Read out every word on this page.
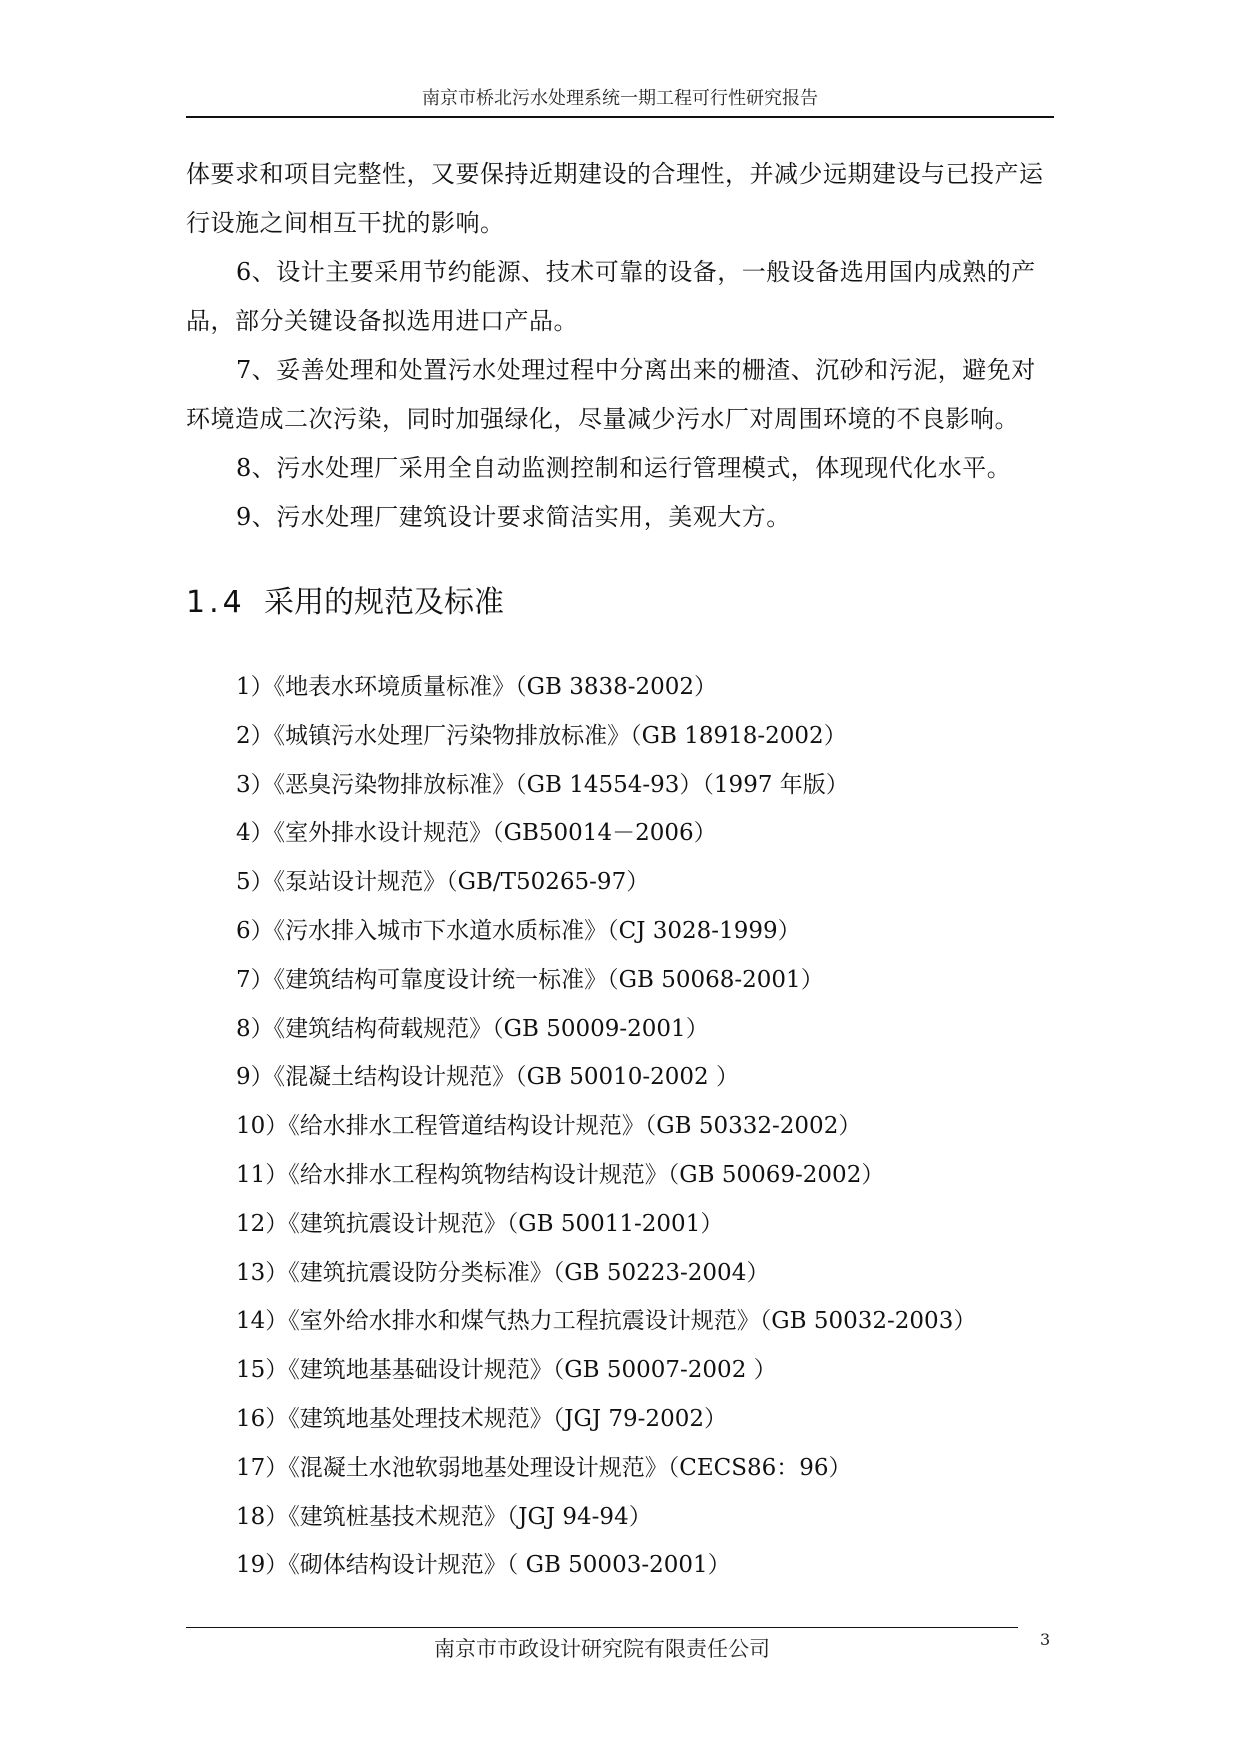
南京市桥北污水处理系统一期工程可行性研究报告

体要求和项目完整性，又要保持近期建设的合理性，并减少远期建设与已投产运行设施之间相互干扰的影响。

6、设计主要采用节约能源、技术可靠的设备，一般设备选用国内成熟的产品，部分关键设备拟选用进口产品。

7、妥善处理和处置污水处理过程中分离出来的栅渣、沉砂和污泥，避免对环境造成二次污染，同时加强绿化，尽量减少污水厂对周围环境的不良影响。

8、污水处理厂采用全自动监测控制和运行管理模式，体现现代化水平。

9、污水处理厂建筑设计要求简洁实用，美观大方。

1.4 采用的规范及标准
1）《地表水环境质量标准》（GB 3838-2002）
2）《城镇污水处理厂污染物排放标准》（GB 18918-2002）
3）《恶臭污染物排放标准》（GB 14554-93）（1997 年版）
4）《室外排水设计规范》（GB50014－2006）
5）《泵站设计规范》（GB/T50265-97）
6）《污水排入城市下水道水质标准》（CJ 3028-1999）
7）《建筑结构可靠度设计统一标准》（GB 50068-2001）
8）《建筑结构荷载规范》（GB 50009-2001）
9）《混凝土结构设计规范》（GB 50010-2002 ）
10）《给水排水工程管道结构设计规范》（GB 50332-2002）
11）《给水排水工程构筑物结构设计规范》（GB 50069-2002）
12）《建筑抗震设计规范》（GB 50011-2001）
13）《建筑抗震设防分类标准》（GB 50223-2004）
14）《室外给水排水和煤气热力工程抗震设计规范》（GB 50032-2003）
15）《建筑地基基础设计规范》（GB 50007-2002 ）
16）《建筑地基处理技术规范》（JGJ 79-2002）
17）《混凝土水池软弱地基处理设计规范》（CECS86：96）
18）《建筑桩基技术规范》（JGJ 94-94）
19）《砌体结构设计规范》（ GB 50003-2001）
南京市市政设计研究院有限责任公司	3
